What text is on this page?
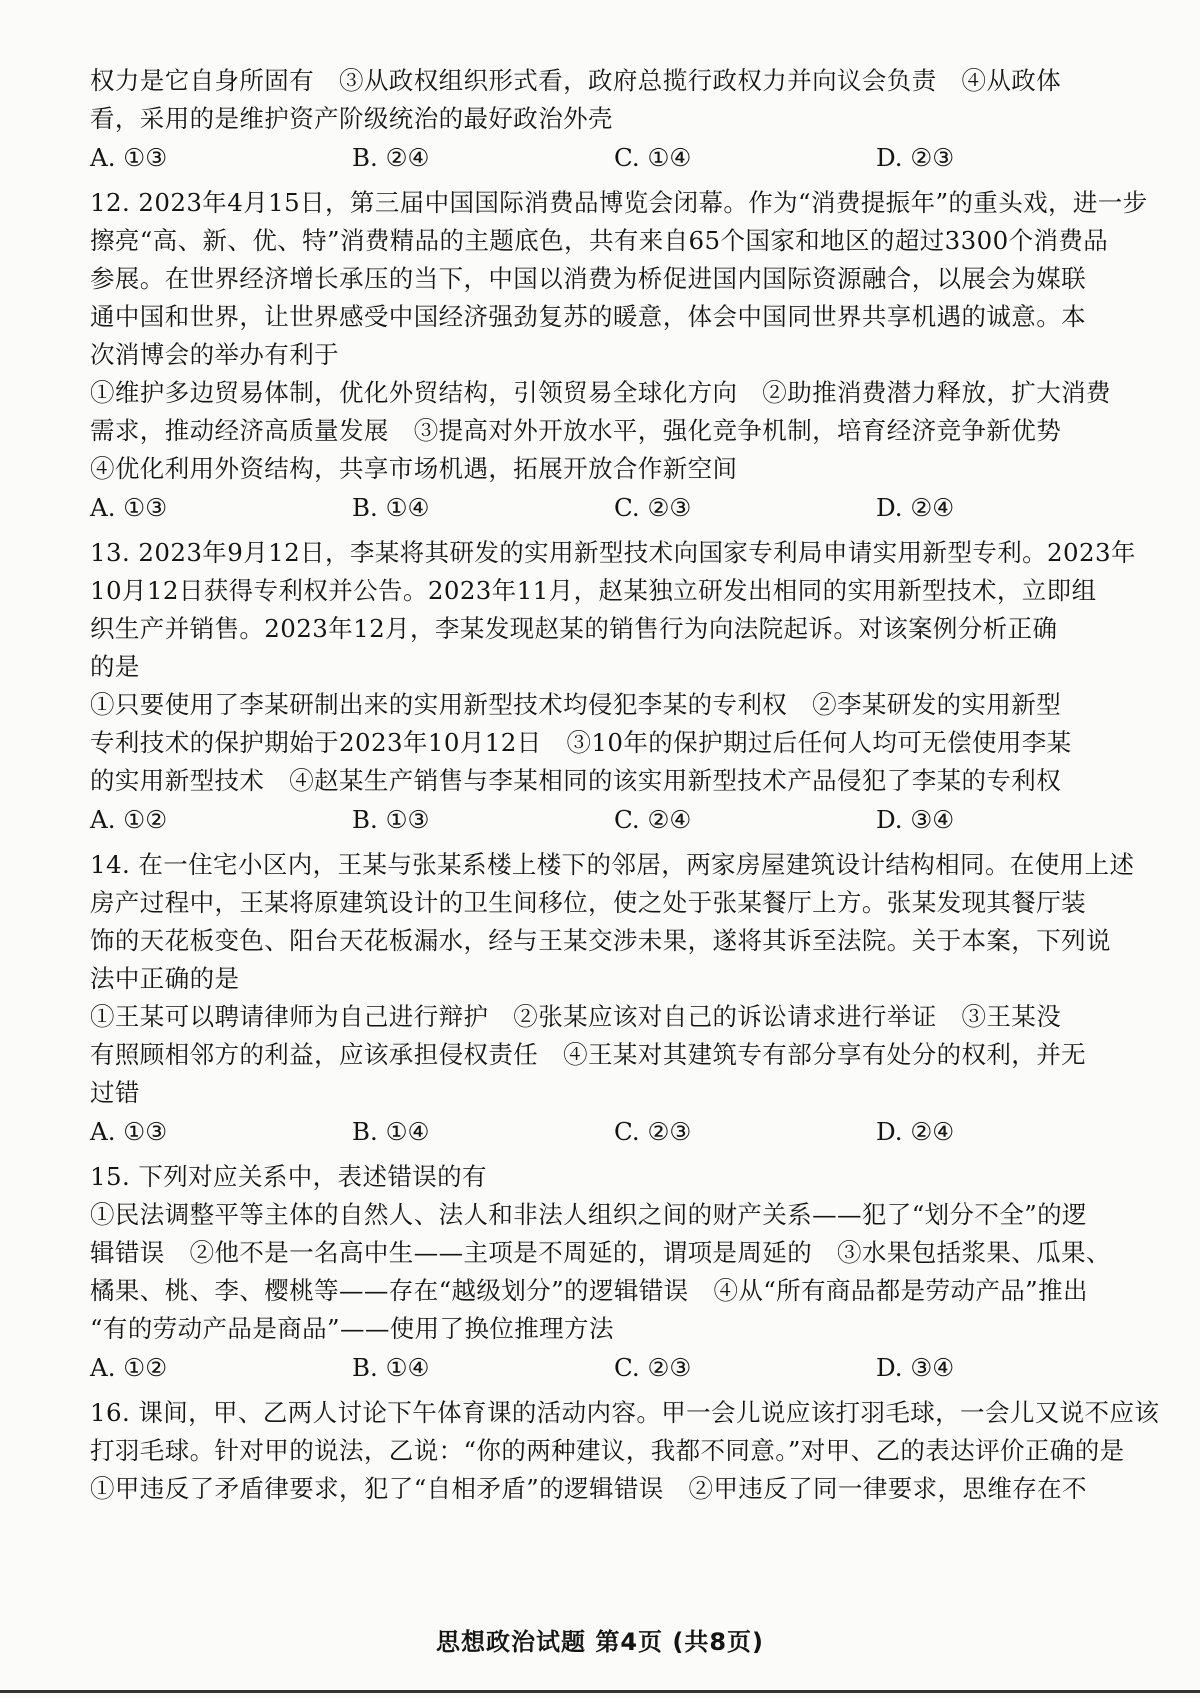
权力是它自身所固有　③从政权组织形式看，政府总揽行政权力并向议会负责　④从政体
看，采用的是维护资产阶级统治的最好政治外壳
A. ①③	B. ②④	C. ①④	D. ②③
12. 2023年4月15日，第三届中国国际消费品博览会闭幕。作为“消费提振年”的重头戏，进一步
擦亮“高、新、优、特”消费精品的主题底色，共有来自65个国家和地区的超过3300个消费品
参展。在世界经济增长承压的当下，中国以消费为桥促进国内国际资源融合，以展会为媒联
通中国和世界，让世界感受中国经济强劲复苏的暖意，体会中国同世界共享机遇的诚意。本
次消博会的举办有利于
①维护多边贸易体制，优化外贸结构，引领贸易全球化方向　②助推消费潜力释放，扩大消费
需求，推动经济高质量发展　③提高对外开放水平，强化竞争机制，培育经济竞争新优势
④优化利用外资结构，共享市场机遇，拓展开放合作新空间
A. ①③	B. ①④	C. ②③	D. ②④
13. 2023年9月12日，李某将其研发的实用新型技术向国家专利局申请实用新型专利。2023年
10月12日获得专利权并公告。2023年11月，赵某独立研发出相同的实用新型技术，立即组
织生产并销售。2023年12月，李某发现赵某的销售行为向法院起诉。对该案例分析正确
的是
①只要使用了李某研制出来的实用新型技术均侵犯李某的专利权　②李某研发的实用新型
专利技术的保护期始于2023年10月12日　③10年的保护期过后任何人均可无偿使用李某
的实用新型技术　④赵某生产销售与李某相同的该实用新型技术产品侵犯了李某的专利权
A. ①②	B. ①③	C. ②④	D. ③④
14. 在一住宅小区内，王某与张某系楼上楼下的邻居，两家房屋建筑设计结构相同。在使用上述
房产过程中，王某将原建筑设计的卫生间移位，使之处于张某餐厅上方。张某发现其餐厅装
饰的天花板变色、阳台天花板漏水，经与王某交涉未果，遂将其诉至法院。关于本案，下列说
法中正确的是
①王某可以聘请律师为自己进行辩护　②张某应该对自己的诉讼请求进行举证　③王某没
有照顾相邻方的利益，应该承担侵权责任　④王某对其建筑专有部分享有处分的权利，并无
过错
A. ①③	B. ①④	C. ②③	D. ②④
15. 下列对应关系中，表述错误的有
①民法调整平等主体的自然人、法人和非法人组织之间的财产关系——犯了“划分不全”的逻
辑错误　②他不是一名高中生——主项是不周延的，谓项是周延的　③水果包括浆果、瓜果、
橘果、桃、李、樱桃等——存在“越级划分”的逻辑错误　④从“所有商品都是劳动产品”推出
“有的劳动产品是商品”——使用了换位推理方法
A. ①②	B. ①④	C. ②③	D. ③④
16. 课间，甲、乙两人讨论下午体育课的活动内容。甲一会儿说应该打羽毛球，一会儿又说不应该
打羽毛球。针对甲的说法，乙说：“你的两种建议，我都不同意。”对甲、乙的表达评价正确的是
①甲违反了矛盾律要求，犯了“自相矛盾”的逻辑错误　②甲违反了同一律要求，思维存在不
思想政治试题 第4页 (共8页)
